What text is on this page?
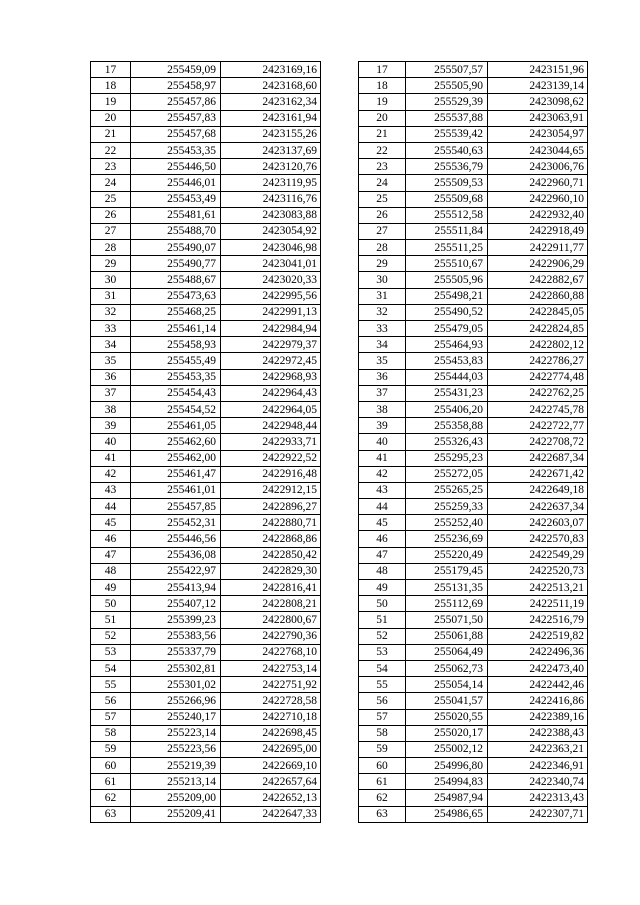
17	255459,09	2423169,16
18	255458,97	2423168,60
19	255457,86	2423162,34
20	255457,83	2423161,94
21	255457,68	2423155,26
22	255453,35	2423137,69
23	255446,50	2423120,76
24	255446,01	2423119,95
25	255453,49	2423116,76
26	255481,61	2423083,88
27	255488,70	2423054,92
28	255490,07	2423046,98
29	255490,77	2423041,01
30	255488,67	2423020,33
31	255473,63	2422995,56
32	255468,25	2422991,13
33	255461,14	2422984,94
34	255458,93	2422979,37
35	255455,49	2422972,45
36	255453,35	2422968,93
37	255454,43	2422964,43
38	255454,52	2422964,05
39	255461,05	2422948,44
40	255462,60	2422933,71
41	255462,00	2422922,52
42	255461,47	2422916,48
43	255461,01	2422912,15
44	255457,85	2422896,27
45	255452,31	2422880,71
46	255446,56	2422868,86
47	255436,08	2422850,42
48	255422,97	2422829,30
49	255413,94	2422816,41
50	255407,12	2422808,21
51	255399,23	2422800,67
52	255383,56	2422790,36
53	255337,79	2422768,10
54	255302,81	2422753,14
55	255301,02	2422751,92
56	255266,96	2422728,58
57	255240,17	2422710,18
58	255223,14	2422698,45
59	255223,56	2422695,00
60	255219,39	2422669,10
61	255213,14	2422657,64
62	255209,00	2422652,13
63	255209,41	2422647,33
17	255507,57	2423151,96
18	255505,90	2423139,14
19	255529,39	2423098,62
20	255537,88	2423063,91
21	255539,42	2423054,97
22	255540,63	2423044,65
23	255536,79	2423006,76
24	255509,53	2422960,71
25	255509,68	2422960,10
26	255512,58	2422932,40
27	255511,84	2422918,49
28	255511,25	2422911,77
29	255510,67	2422906,29
30	255505,96	2422882,67
31	255498,21	2422860,88
32	255490,52	2422845,05
33	255479,05	2422824,85
34	255464,93	2422802,12
35	255453,83	2422786,27
36	255444,03	2422774,48
37	255431,23	2422762,25
38	255406,20	2422745,78
39	255358,88	2422722,77
40	255326,43	2422708,72
41	255295,23	2422687,34
42	255272,05	2422671,42
43	255265,25	2422649,18
44	255259,33	2422637,34
45	255252,40	2422603,07
46	255236,69	2422570,83
47	255220,49	2422549,29
48	255179,45	2422520,73
49	255131,35	2422513,21
50	255112,69	2422511,19
51	255071,50	2422516,79
52	255061,88	2422519,82
53	255064,49	2422496,36
54	255062,73	2422473,40
55	255054,14	2422442,46
56	255041,57	2422416,86
57	255020,55	2422389,16
58	255020,17	2422388,43
59	255002,12	2422363,21
60	254996,80	2422346,91
61	254994,83	2422340,74
62	254987,94	2422313,43
63	254986,65	2422307,71
